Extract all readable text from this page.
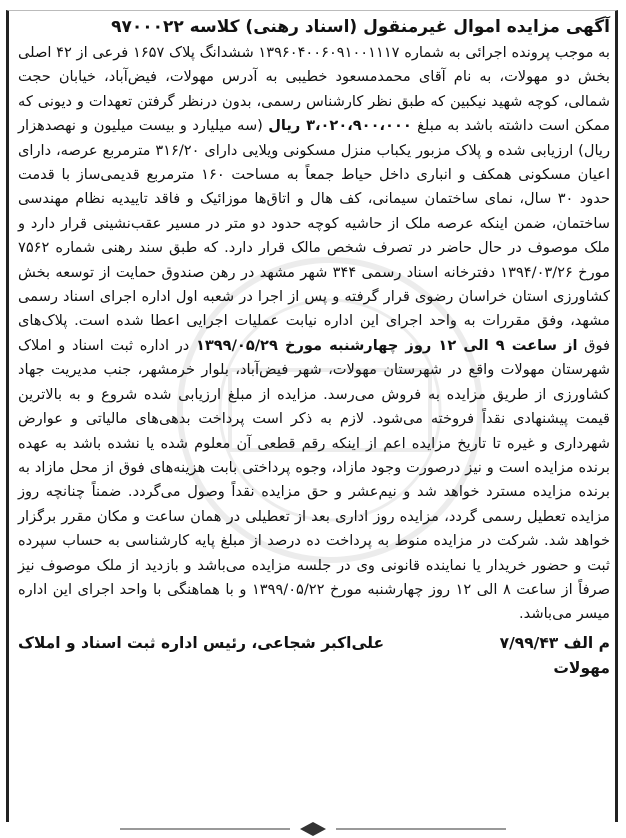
آگهی مزایده اموال غیرمنقول (اسناد رهنی) کلاسه ۹۷۰۰۰۲۲

به موجب پرونده اجرائی به شماره ۱۳۹۶۰۴۰۰۶۰۹۱۰۰۱۱۱۷ ششدانگ پلاک ۱۶۵۷ فرعی از ۴۲ اصلی بخش دو مهولات، به نام آقای محمدمسعود خطیبی به آدرس مهولات، فیض‌آباد، خیابان حجت شمالی، کوچه شهید نیکبین که طبق نظر کارشناس رسمی، بدون درنظر گرفتن تعهدات و دیونی که ممکن است داشته باشد به مبلغ ۳،۰۲۰،۹۰۰،۰۰۰ ریال (سه میلیارد و بیست میلیون و نهصدهزار ریال) ارزیابی شده و پلاک مزبور یکباب منزل مسکونی ویلایی دارای ۳۱۶/۲۰ مترمربع عرصه، دارای اعیان مسکونی همکف و انباری داخل حیاط جمعاً به مساحت ۱۶۰ مترمربع قدیمی‌ساز با قدمت حدود ۳۰ سال، نمای ساختمان سیمانی، کف هال و اتاق‌ها موزائیک و فاقد تاییدیه نظام مهندسی ساختمان، ضمن اینکه عرصه ملک از حاشیه کوچه حدود دو متر در مسیر عقب‌نشینی قرار دارد و ملک موصوف در حال حاضر در تصرف شخص مالک قرار دارد. که طبق سند رهنی شماره ۷۵۶۲ مورخ ۱۳۹۴/۰۳/۲۶ دفترخانه اسناد رسمی ۳۴۴ شهر مشهد در رهن صندوق حمایت از توسعه بخش کشاورزی استان خراسان رضوی قرار گرفته و پس از اجرا در شعبه اول اداره اجرای اسناد رسمی مشهد، وفق مقررات به واحد اجرای این اداره نیابت عملیات اجرایی اعطا شده است. پلاک‌های فوق از ساعت ۹ الی ۱۲ روز چهارشنبه مورخ ۱۳۹۹/۰۵/۲۹ در اداره ثبت اسناد و املاک شهرستان مهولات واقع در شهرستان مهولات، شهر فیض‌آباد، بلوار خرمشهر، جنب مدیریت جهاد کشاورزی از طریق مزایده به فروش می‌رسد. مزایده از مبلغ ارزیابی شده شروع و به بالاترین قیمت پیشنهادی نقداً فروخته می‌شود. لازم به ذکر است پرداخت بدهی‌های مالیاتی و عوارض شهرداری و غیره تا تاریخ مزایده اعم از اینکه رقم قطعی آن معلوم شده یا نشده باشد به عهده برنده مزایده است و نیز درصورت وجود مازاد، وجوه پرداختی بابت هزینه‌های فوق از محل مازاد به برنده مزایده مسترد خواهد شد و نیم‌عشر و حق مزایده نقداً وصول می‌گردد. ضمناً چنانچه روز مزایده تعطیل رسمی گردد، مزایده روز اداری بعد از تعطیلی در همان ساعت و مکان مقرر برگزار خواهد شد. شرکت در مزایده منوط به پرداخت ده درصد از مبلغ پایه کارشناسی به حساب سپرده ثبت و حضور خریدار یا نماینده قانونی وی در جلسه مزایده می‌باشد و بازدید از ملک موصوف نیز صرفاً از ساعت ۸ الی ۱۲ روز چهارشنبه مورخ ۱۳۹۹/۰۵/۲۲ و با هماهنگی با واحد اجرای این اداره میسر می‌باشد.

م الف ۷/۹۹/۴۳
علی‌اکبر شجاعی، رئیس اداره ثبت اسناد و املاک
مهولات
